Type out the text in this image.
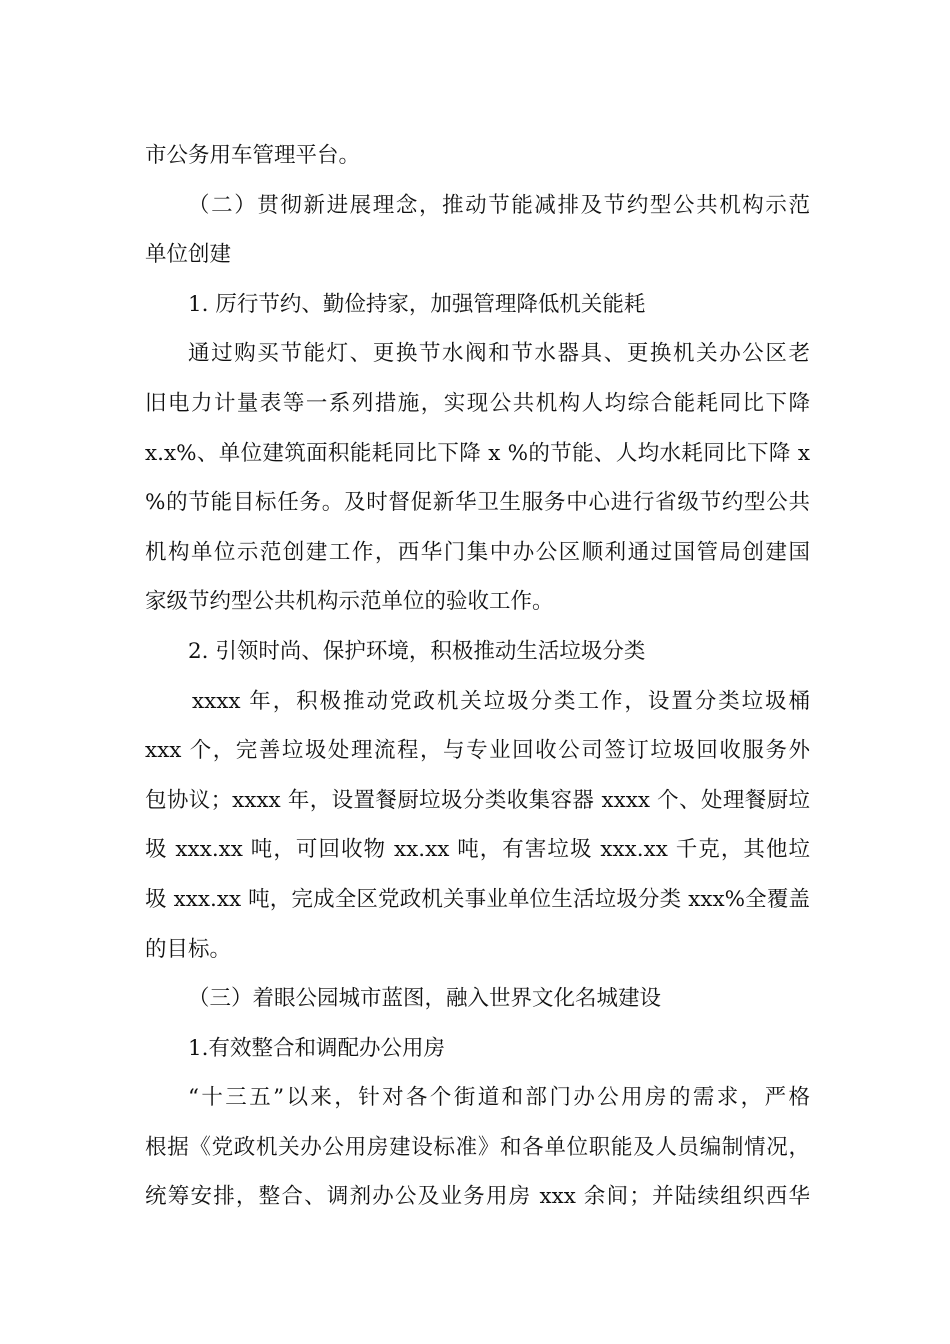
市公务用车管理平台。
（二）贯彻新进展理念，推动节能减排及节约型公共机构示范
单位创建
1. 厉行节约、勤俭持家，加强管理降低机关能耗
通过购买节能灯、更换节水阀和节水器具、更换机关办公区老
旧电力计量表等一系列措施，实现公共机构人均综合能耗同比下降
x.x%、单位建筑面积能耗同比下降 x %的节能、人均水耗同比下降 x
%的节能目标任务。及时督促新华卫生服务中心进行省级节约型公共
机构单位示范创建工作，西华门集中办公区顺利通过国管局创建国
家级节约型公共机构示范单位的验收工作。
2. 引领时尚、保护环境，积极推动生活垃圾分类
xxxx 年，积极推动党政机关垃圾分类工作，设置分类垃圾桶
xxx 个，完善垃圾处理流程，与专业回收公司签订垃圾回收服务外
包协议；xxxx 年，设置餐厨垃圾分类收集容器 xxxx 个、处理餐厨垃
圾 xxx.xx 吨，可回收物 xx.xx 吨，有害垃圾 xxx.xx 千克，其他垃
圾 xxx.xx 吨，完成全区党政机关事业单位生活垃圾分类 xxx%全覆盖
的目标。
（三）着眼公园城市蓝图，融入世界文化名城建设
1.有效整合和调配办公用房
“十三五”以来，针对各个街道和部门办公用房的需求，严格
根据《党政机关办公用房建设标准》和各单位职能及人员编制情况，
统筹安排，整合、调剂办公及业务用房 xxx 余间；并陆续组织西华
